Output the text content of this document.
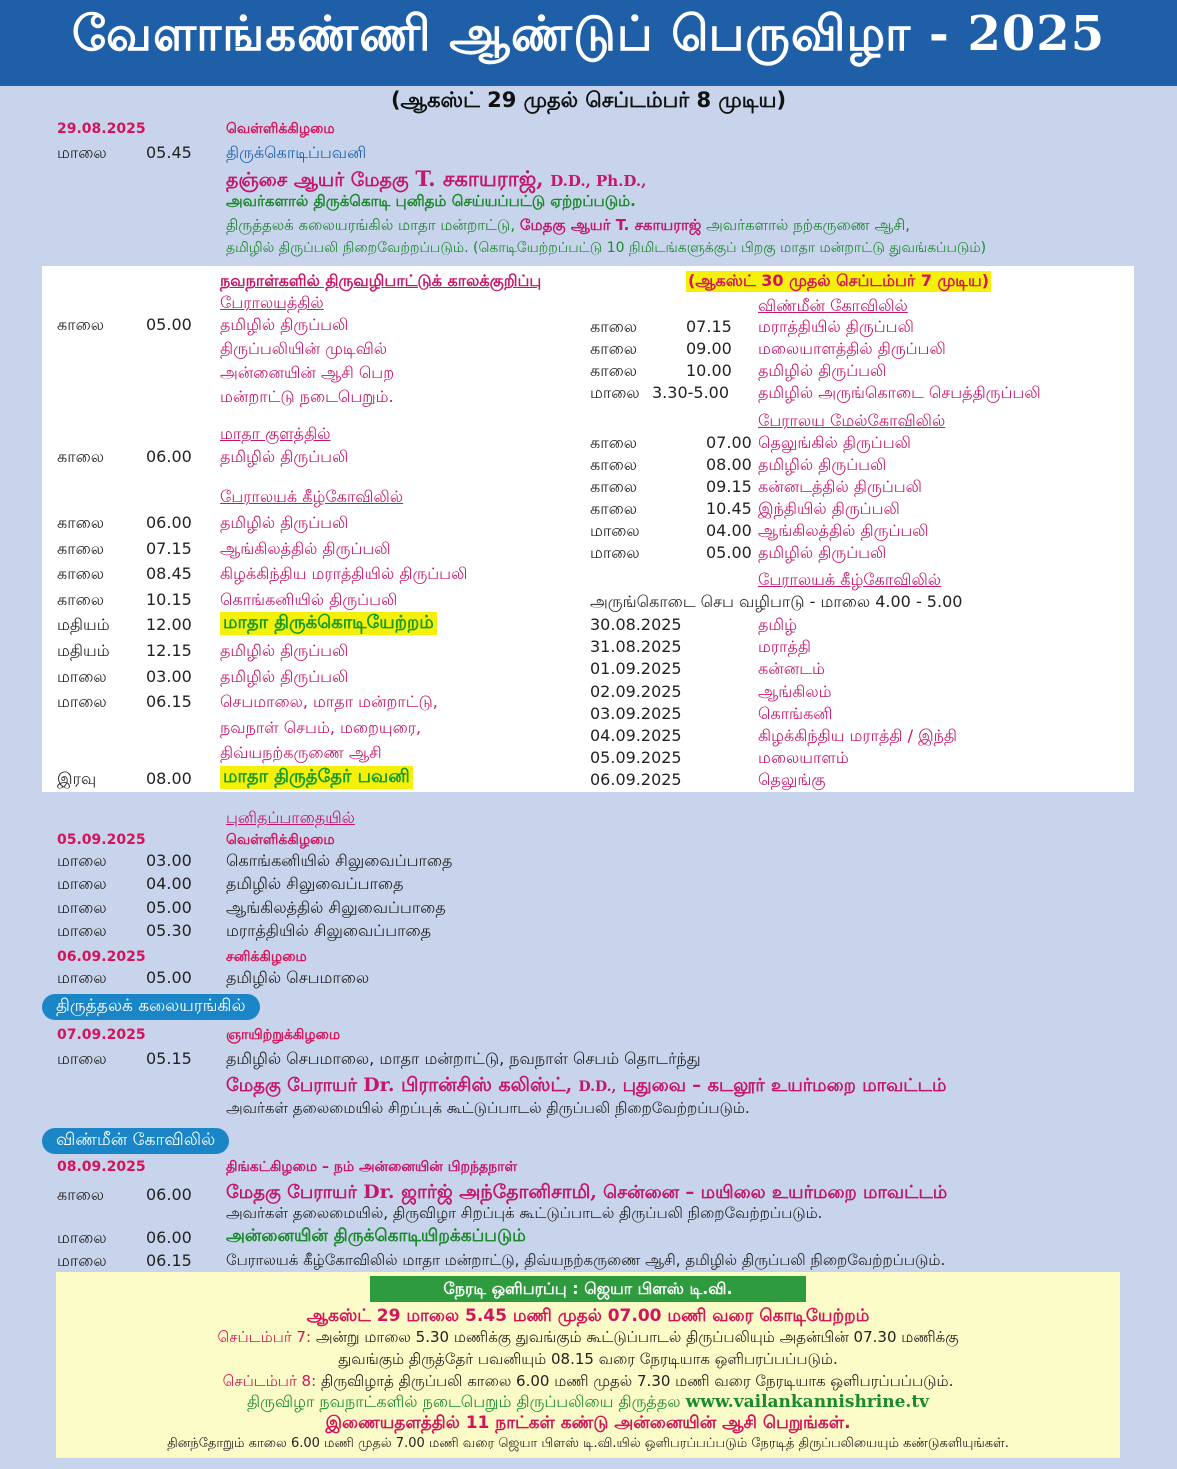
வேளாங்கண்ணி ஆண்டுப் பெருவிழா - 2025
(ஆகஸ்ட் 29 முதல் செப்டம்பர் 8 முடிய)
29.08.2025	வெள்ளிக்கிழமை
மாலை 05.45 திருக்கொடிப்பவனி
தஞ்சை ஆயர் மேதகு T. சகாயராஜ், D.D., Ph.D.,
அவர்களால் திருக்கொடி புனிதம் செய்யப்பட்டு ஏற்றப்படும்.
திருத்தலக் கலையரங்கில் மாதா மன்றாட்டு, மேதகு ஆயர் T. சகாயராஜ் அவர்களால் நற்கருணை ஆசி,
தமிழில் திருப்பலி நிறைவேற்றப்படும். (கொடியேற்றப்பட்டு 10 நிமிடங்களுக்குப் பிறகு மாதா மன்றாட்டு துவங்கப்படும்)
நவநாள்களில் திருவழிபாட்டுக் காலக்குறிப்பு	(ஆகஸ்ட் 30 முதல் செப்டம்பர் 7 முடிய)
பேராலயத்தில்
காலை	05.00 தமிழில் திருப்பலி
திருப்பலியின் முடிவில்
அன்னையின் ஆசி பெற
மன்றாட்டு நடைபெறும்.
மாதா குளத்தில்
காலை	06.00 தமிழில் திருப்பலி
பேராலயக் கீழ்கோவிலில்
காலை	06.00 தமிழில் திருப்பலி
காலை	07.15 ஆங்கிலத்தில் திருப்பலி
காலை	08.45 கிழக்கிந்திய மராத்தியில் திருப்பலி
காலை	10.15 கொங்கனியில் திருப்பலி
மதியம் 12.00 மாதா திருக்கொடியேற்றம்
மதியம் 12.15 தமிழில் திருப்பலி
மாலை 03.00 தமிழில் திருப்பலி
மாலை 06.15 செபமாலை, மாதா மன்றாட்டு,
நவநாள் செபம், மறையுரை,
திவ்யநற்கருணை ஆசி
இரவு	08.00 மாதா திருத்தேர் பவனி
விண்மீன் கோவிலில்
காலை	07.15 மராத்தியில் திருப்பலி
காலை	09.00 மலையாளத்தில் திருப்பலி
காலை	10.00 தமிழில் திருப்பலி
மாலை 3.30-5.00 தமிழில் அருங்கொடை செபத்திருப்பலி
பேராலய மேல்கோவிலில்
காலை	07.00 தெலுங்கில் திருப்பலி
காலை	08.00 தமிழில் திருப்பலி
காலை	09.15 கன்னடத்தில் திருப்பலி
காலை	10.45 இந்தியில் திருப்பலி
மாலை	04.00 ஆங்கிலத்தில் திருப்பலி
மாலை	05.00 தமிழில் திருப்பலி
பேராலயக் கீழ்கோவிலில்
அருங்கொடை செப வழிபாடு - மாலை 4.00 - 5.00
30.08.2025	தமிழ்
31.08.2025	மராத்தி
01.09.2025	கன்னடம்
02.09.2025	ஆங்கிலம்
03.09.2025	கொங்கனி
04.09.2025	கிழக்கிந்திய மராத்தி / இந்தி
05.09.2025	மலையாளம்
06.09.2025	தெலுங்கு
புனிதப்பாதையில்
05.09.2025	வெள்ளிக்கிழமை
மாலை 03.00 கொங்கனியில் சிலுவைப்பாதை
மாலை 04.00 தமிழில் சிலுவைப்பாதை
மாலை 05.00 ஆங்கிலத்தில் சிலுவைப்பாதை
மாலை 05.30 மராத்தியில் சிலுவைப்பாதை
06.09.2025	சனிக்கிழமை
மாலை 05.00 தமிழில் செபமாலை
திருத்தலக் கலையரங்கில்
07.09.2025	ஞாயிற்றுக்கிழமை
மாலை 05.15 தமிழில் செபமாலை, மாதா மன்றாட்டு, நவநாள் செபம் தொடர்ந்து
மேதகு பேராயர் Dr. பிரான்சிஸ் கலிஸ்ட், D.D., புதுவை – கடலூர் உயர்மறை மாவட்டம்
அவர்கள் தலைமையில் சிறப்புக் கூட்டுப்பாடல் திருப்பலி நிறைவேற்றப்படும்.
விண்மீன் கோவிலில்
08.09.2025	திங்கட்கிழமை – நம் அன்னையின் பிறந்தநாள்
காலை	06.00 மேதகு பேராயர் Dr. ஜார்ஜ் அந்தோனிசாமி, சென்னை – மயிலை உயர்மறை மாவட்டம்
அவர்கள் தலைமையில், திருவிழா சிறப்புக் கூட்டுப்பாடல் திருப்பலி நிறைவேற்றப்படும்.
மாலை 06.00 அன்னையின் திருக்கொடியிறக்கப்படும்
மாலை 06.15 பேராலயக் கீழ்கோவிலில் மாதா மன்றாட்டு, திவ்யநற்கருணை ஆசி, தமிழில் திருப்பலி நிறைவேற்றப்படும்.
நேரடி ஒளிபரப்பு : ஜெயா பிளஸ் டி.வி.
ஆகஸ்ட் 29 மாலை 5.45 மணி முதல் 07.00 மணி வரை கொடியேற்றம்
செப்டம்பர் 7: அன்று மாலை 5.30 மணிக்கு துவங்கும் கூட்டுப்பாடல் திருப்பலியும் அதன்பின் 07.30 மணிக்கு
துவங்கும் திருத்தேர் பவனியும் 08.15 வரை நேரடியாக ஒளிபரப்பப்படும்.
செப்டம்பர் 8: திருவிழாத் திருப்பலி காலை 6.00 மணி முதல் 7.30 மணி வரை நேரடியாக ஒளிபரப்பப்படும்.
திருவிழா நவநாட்களில் நடைபெறும் திருப்பலியை திருத்தல www.vailankannishrine.tv
இணையதளத்தில் 11 நாட்கள் கண்டு அன்னையின் ஆசி பெறுங்கள்.
தினந்தோறும் காலை 6.00 மணி முதல் 7.00 மணி வரை ஜெயா பிளஸ் டி.வி.யில் ஒளிபரப்பப்படும் நேரடித் திருப்பலியையும் கண்டுகளியுங்கள்.
